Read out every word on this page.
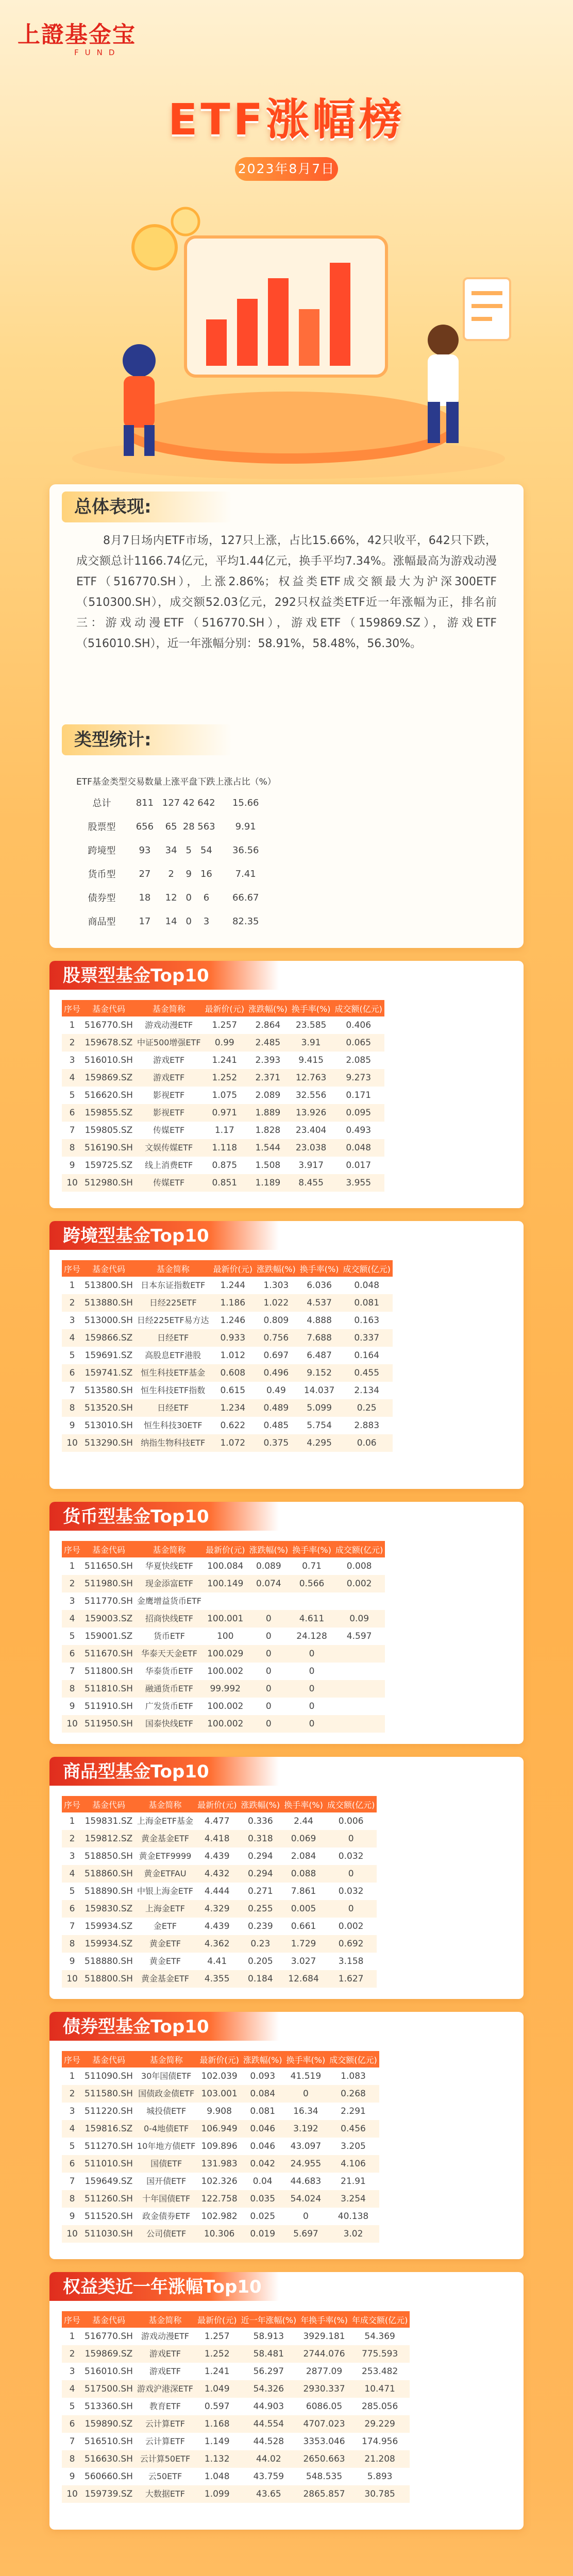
上證基金宝
FUND
ETF涨幅榜
2023年8月7日
总体表现:
8月7日场内ETF市场，127只上涨，占比15.66%，42只收平，642只下跌，成交额总计1166.74亿元，平均1.44亿元，换手平均7.34%。涨幅最高为游戏动漫ETF（516770.SH），上涨2.86%；权益类ETF成交额最大为沪深300ETF（510300.SH），成交额52.03亿元，292只权益类ETF近一年涨幅为正，排名前三：游戏动漫ETF（516770.SH），游戏ETF（159869.SZ），游戏ETF（516010.SH），近一年涨幅分别：58.91%，58.48%，56.30%。
类型统计:
ETF基金类型	交易数量	上涨	平盘	下跌	上涨占比（%）
总计	811	127	42	642	15.66
股票型	656	65	28	563	9.91
跨境型	93	34	5	54	36.56
货币型	27	2	9	16	7.41
债券型	18	12	0	6	66.67
商品型	17	14	0	3	82.35
股票型基金Top10
序号	基金代码	基金简称	最新价(元)	涨跌幅(%)	换手率(%)	成交额(亿元)
1	516770.SH	游戏动漫ETF	1.257	2.864	23.585	0.406
2	159678.SZ	中证500增强ETF	0.99	2.485	3.91	0.065
3	516010.SH	游戏ETF	1.241	2.393	9.415	2.085
4	159869.SZ	游戏ETF	1.252	2.371	12.763	9.273
5	516620.SH	影视ETF	1.075	2.089	32.556	0.171
6	159855.SZ	影视ETF	0.971	1.889	13.926	0.095
7	159805.SZ	传媒ETF	1.17	1.828	23.404	0.493
8	516190.SH	文娱传媒ETF	1.118	1.544	23.038	0.048
9	159725.SZ	线上消费ETF	0.875	1.508	3.917	0.017
10	512980.SH	传媒ETF	0.851	1.189	8.455	3.955
跨境型基金Top10
序号	基金代码	基金简称	最新价(元)	涨跌幅(%)	换手率(%)	成交额(亿元)
1	513800.SH	日本东证指数ETF	1.244	1.303	6.036	0.048
2	513880.SH	日经225ETF	1.186	1.022	4.537	0.081
3	513000.SH	日经225ETF易方达	1.246	0.809	4.888	0.163
4	159866.SZ	日经ETF	0.933	0.756	7.688	0.337
5	159691.SZ	高股息ETF港股	1.012	0.697	6.487	0.164
6	159741.SZ	恒生科技ETF基金	0.608	0.496	9.152	0.455
7	513580.SH	恒生科技ETF指数	0.615	0.49	14.037	2.134
8	513520.SH	日经ETF	1.234	0.489	5.099	0.25
9	513010.SH	恒生科技30ETF	0.622	0.485	5.754	2.883
10	513290.SH	纳指生物科技ETF	1.072	0.375	4.295	0.06
货币型基金Top10
序号	基金代码	基金简称	最新价(元)	涨跌幅(%)	换手率(%)	成交额(亿元)
1	511650.SH	华夏快线ETF	100.084	0.089	0.71	0.008
2	511980.SH	现金添富ETF	100.149	0.074	0.566	0.002
3	511770.SH	金鹰增益货币ETF				
4	159003.SZ	招商快线ETF	100.001	0	4.611	0.09
5	159001.SZ	货币ETF	100	0	24.128	4.597
6	511670.SH	华泰天天金ETF	100.029	0	0	
7	511800.SH	华泰货币ETF	100.002	0	0	
8	511810.SH	融通货币ETF	99.992	0	0	
9	511910.SH	广发货币ETF	100.002	0	0	
10	511950.SH	国泰快线ETF	100.002	0	0	
商品型基金Top10
序号	基金代码	基金简称	最新价(元)	涨跌幅(%)	换手率(%)	成交额(亿元)
1	159831.SZ	上海金ETF基金	4.477	0.336	2.44	0.006
2	159812.SZ	黄金基金ETF	4.418	0.318	0.069	0
3	518850.SH	黄金ETF9999	4.439	0.294	2.084	0.032
4	518860.SH	黄金ETFAU	4.432	0.294	0.088	0
5	518890.SH	中银上海金ETF	4.444	0.271	7.861	0.032
6	159830.SZ	上海金ETF	4.329	0.255	0.005	0
7	159934.SZ	金ETF	4.439	0.239	0.661	0.002
8	159934.SZ	黄金ETF	4.362	0.23	1.729	0.692
9	518880.SH	黄金ETF	4.41	0.205	3.027	3.158
10	518800.SH	黄金基金ETF	4.355	0.184	12.684	1.627
债券型基金Top10
序号	基金代码	基金简称	最新价(元)	涨跌幅(%)	换手率(%)	成交额(亿元)
1	511090.SH	30年国债ETF	102.039	0.093	41.519	1.083
2	511580.SH	国债政金债ETF	103.001	0.084	0	0.268
3	511220.SH	城投债ETF	9.908	0.081	16.34	2.291
4	159816.SZ	0-4地债ETF	106.949	0.046	3.192	0.456
5	511270.SH	10年地方债ETF	109.896	0.046	43.097	3.205
6	511010.SH	国债ETF	131.983	0.042	24.955	4.106
7	159649.SZ	国开债ETF	102.326	0.04	44.683	21.91
8	511260.SH	十年国债ETF	122.758	0.035	54.024	3.254
9	511520.SH	政金债券ETF	102.982	0.025	0	40.138
10	511030.SH	公司债ETF	10.306	0.019	5.697	3.02
权益类近一年涨幅Top10
序号	基金代码	基金简称	最新价(元)	近一年涨幅(%)	年换手率(%)	年成交额(亿元)
1	516770.SH	游戏动漫ETF	1.257	58.913	3929.181	54.369
2	159869.SZ	游戏ETF	1.252	58.481	2744.076	775.593
3	516010.SH	游戏ETF	1.241	56.297	2877.09	253.482
4	517500.SH	游戏沪港深ETF	1.049	54.326	2930.337	10.471
5	513360.SH	教育ETF	0.597	44.903	6086.05	285.056
6	159890.SZ	云计算ETF	1.168	44.554	4707.023	29.229
7	516510.SH	云计算ETF	1.149	44.528	3353.046	174.956
8	516630.SH	云计算50ETF	1.132	44.02	2650.663	21.208
9	560660.SH	云50ETF	1.048	43.759	548.535	5.893
10	159739.SZ	大数据ETF	1.099	43.65	2865.857	30.785
